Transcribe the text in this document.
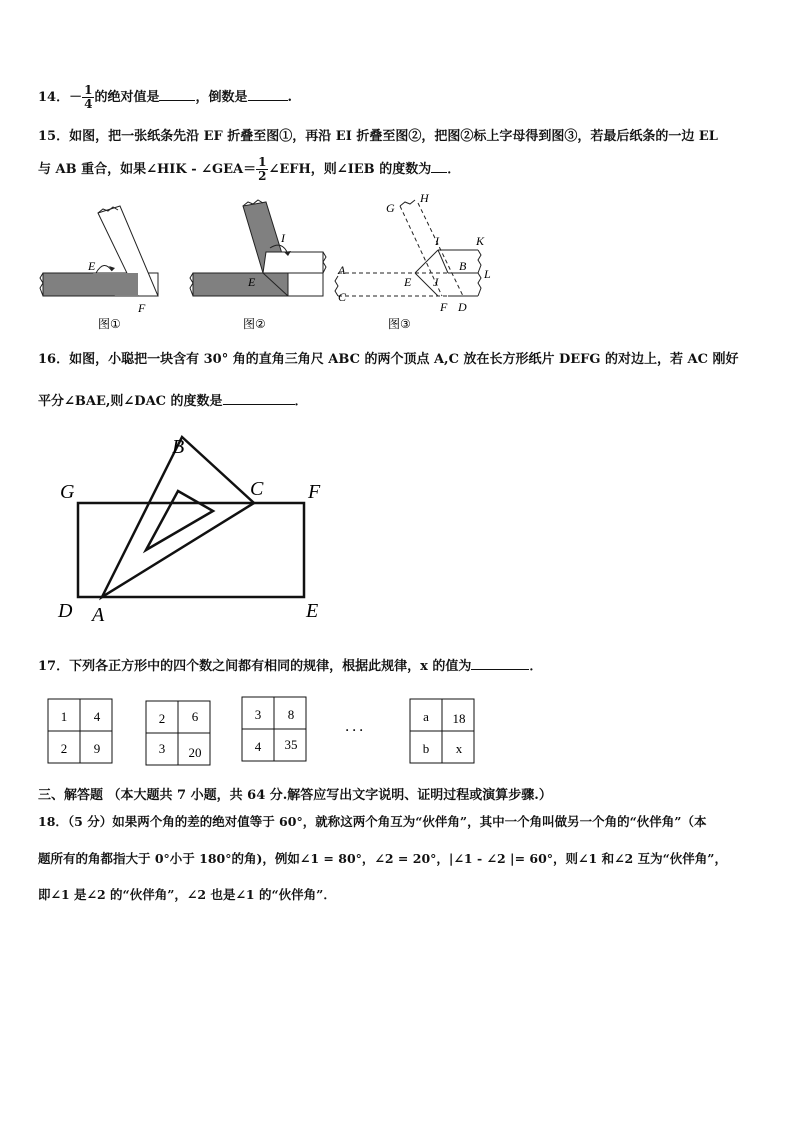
14．－ $\frac{1}{4}$ 的绝对值是	，倒数是	.
15．如图，把一张纸条先沿 EF 折叠至图①，再沿 EI 折叠至图②，把图②标上字母得到图③，若最后纸条的一边 EL
与 AB 重合，如果∠HIK - ∠GEA＝ $\frac{1}{2}$ ∠EFH，则∠IEB 的度数为 ．
E
F
图①
I
E
图②
G
H
I	K
A	B
L
C
E J
F D
图③
16．如图，小聪把一块含有 30° 角的直角三角尺 ABC 的两个顶点 A,C 放在长方形纸片 DEFG 的对边上，若 AC 刚好
平分∠BAE,则∠DAC 的度数是	．
B
C
G	F
D A	E
17．下列各正方形中的四个数之间都有相同的规律，根据此规律，x 的值为	．
1 4
2 9
2 6
3 20
3 8
4 35
．．．
a 18
b x
三、解答题 （本大题共 7 小题，共 64 分.解答应写出文字说明、证明过程或演算步骤.）
18．（5 分）如果两个角的差的绝对值等于 60°，就称这两个角互为“伙伴角”，其中一个角叫做另一个角的“伙伴角”（本
题所有的角都指大于 0°小于 180°的角)，例如∠1 = 80°，∠2 = 20°，|∠1 - ∠2 |= 60°，则∠1 和∠2 互为“伙伴角”，
即∠1 是∠2 的“伙伴角”，∠2 也是∠1 的“伙伴角”．
